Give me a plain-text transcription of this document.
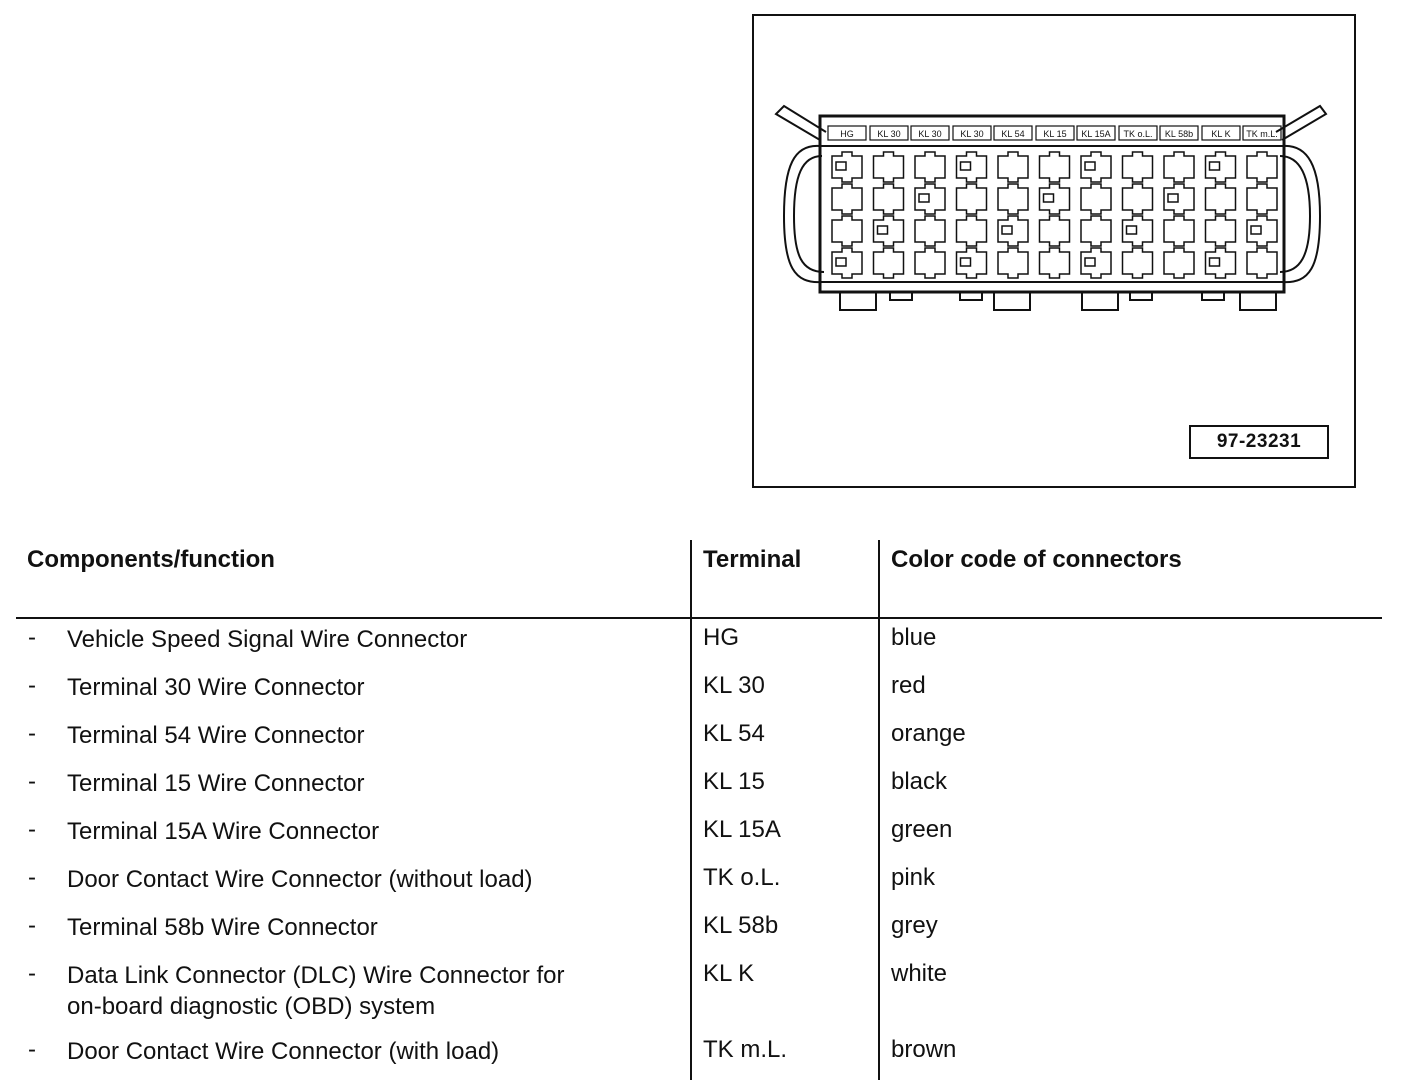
HG	KL 30 KL 30 KL 30 KL 54 KL 15 KL 15A TK o.L. KL 58b KL K TK m.L.
97-23231
Components/function	Terminal	Color code of connectors
- Vehicle Speed Signal Wire Connector	HG	blue
- Terminal 30 Wire Connector	KL 30	red
- Terminal 54 Wire Connector	KL 54	orange
- Terminal 15 Wire Connector	KL 15	black
- Terminal 15A Wire Connector	KL 15A	green
- Door Contact Wire Connector (without load)	TK o.L.	pink
- Terminal 58b Wire Connector	KL 58b	grey
- Data Link Connector (DLC) Wire Connector for
on-board diagnostic (OBD) system
KL K	white
- Door Contact Wire Connector (with load)	TK m.L.	brown
